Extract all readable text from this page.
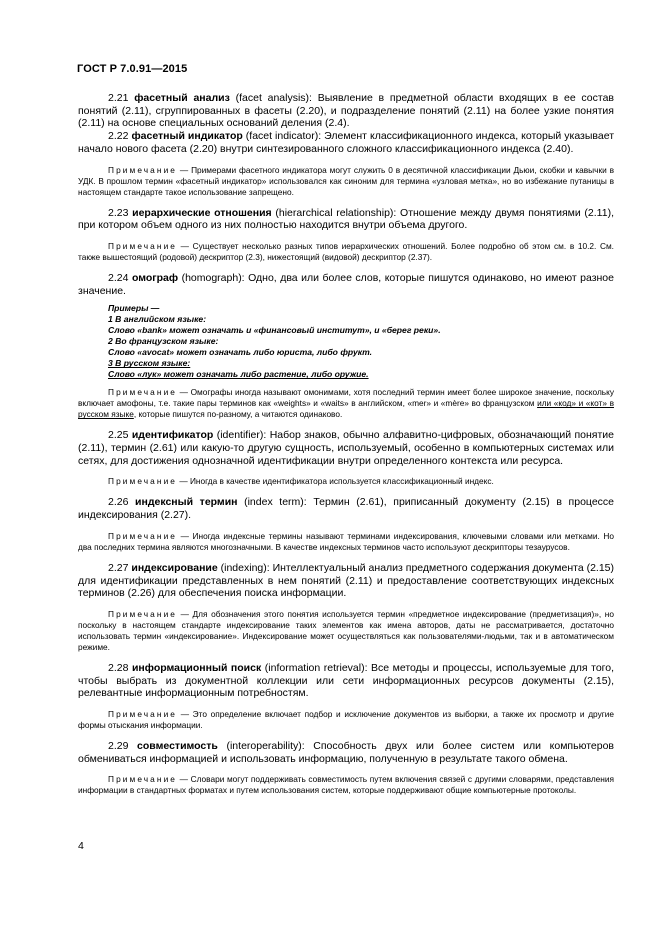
ГОСТ Р 7.0.91—2015

2.21 фасетный анализ (facet analysis): Выявление в предметной области входящих в ее состав понятий (2.11), сгруппированных в фасеты (2.20), и подразделение понятий (2.11) на более узкие понятия (2.11) на основе специальных оснований деления (2.4).

2.22 фасетный индикатор (facet indicator): Элемент классификационного индекса, который указывает начало нового фасета (2.20) внутри синтезированного сложного классификационного индекса (2.40).

Примечание — Примерами фасетного индикатора могут служить 0 в десятичной классификации Дьюи, скобки и кавычки в УДК. В прошлом термин «фасетный индикатор» использовался как синоним для термина «узловая метка», но во избежание путаницы в настоящем стандарте такое использование запрещено.

2.23 иерархические отношения (hierarchical relationship): Отношение между двумя понятиями (2.11), при котором объем одного из них полностью находится внутри объема другого.

Примечание — Существует несколько разных типов иерархических отношений. Более подробно об этом см. в 10.2. См. также вышестоящий (родовой) дескриптор (2.3), нижестоящий (видовой) дескриптор (2.37).

2.24 омограф (homograph): Одно, два или более слов, которые пишутся одинаково, но имеют разное значение.

Примеры —
1 В английском языке:
Слово «bank» может означать и «финансовый институт», и «берег реки».
2 Во французском языке:
Слово «avocat» может означать либо юриста, либо фрукт.
3 В русском языке:
Слово «лук» может означать либо растение, либо оружие.

Примечание — Омографы иногда называют омонимами, хотя последний термин имеет более широкое значение, поскольку включает амофоны, т.е. такие пары терминов как «weights» и «waits» в английском, «mer» и «mère» во французском или «код» и «кот» в русском языке, которые пишутся по-разному, а читаются одинаково.

2.25 идентификатор (identifier): Набор знаков, обычно алфавитно-цифровых, обозначающий понятие (2.11), термин (2.61) или какую-то другую сущность, используемый, особенно в компьютерных системах или сетях, для достижения однозначной идентификации внутри определенного контекста или ресурса.

Примечание — Иногда в качестве идентификатора используется классификационный индекс.

2.26 индексный термин (index term): Термин (2.61), приписанный документу (2.15) в процессе индексирования (2.27).

Примечание — Иногда индексные термины называют терминами индексирования, ключевыми словами или метками. Но два последних термина являются многозначными. В качестве индексных терминов часто используют дескрипторы тезаурусов.

2.27 индексирование (indexing): Интеллектуальный анализ предметного содержания документа (2.15) для идентификации представленных в нем понятий (2.11) и предоставление соответствующих индексных терминов (2.26) для обеспечения поиска информации.

Примечание — Для обозначения этого понятия используется термин «предметное индексирование (предметизация)», но поскольку в настоящем стандарте индексирование таких элементов как имена авторов, даты не рассматривается, достаточно использовать термин «индексирование». Индексирование может осуществляться как пользователями-людьми, так и в автоматическом режиме.

2.28 информационный поиск (information retrieval): Все методы и процессы, используемые для того, чтобы выбрать из документной коллекции или сети информационных ресурсов документы (2.15), релевантные информационным потребностям.

Примечание — Это определение включает подбор и исключение документов из выборки, а также их просмотр и другие формы отыскания информации.

2.29 совместимость (interoperability): Способность двух или более систем или компьютеров обмениваться информацией и использовать информацию, полученную в результате такого обмена.

Примечание — Словари могут поддерживать совместимость путем включения связей с другими словарями, представления информации в стандартных форматах и путем использования систем, которые поддерживают общие компьютерные протоколы.

4
